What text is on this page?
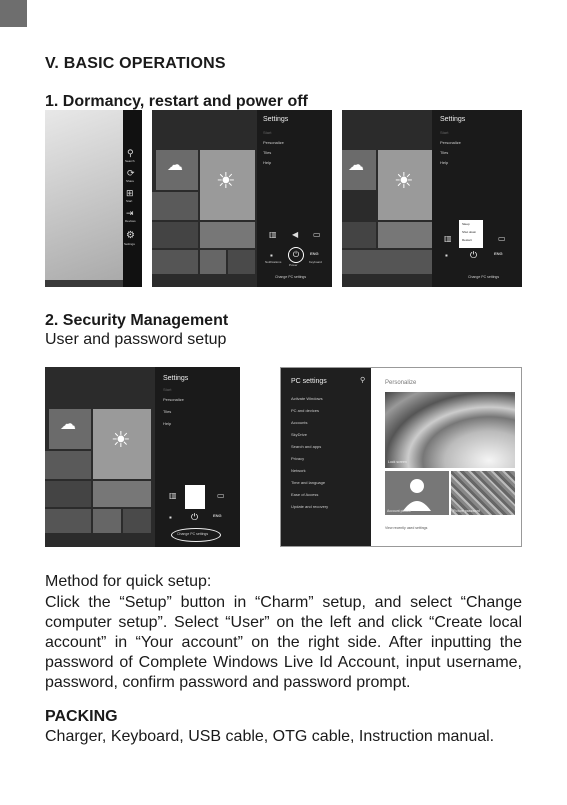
V. BASIC OPERATIONS
1. Dormancy, restart and power off
⚲
Search
⟳
Share
⊞
Start
⇥
Devices
⚙
Settings
☁
☀
Settings
Start
Personalize
Tiles
Help
▥ ◀ ▭
▪	⏻	ENG
Notifications
Power
Keyboard
Change PC settings
☁
☀
Settings
Start
Personalize
Tiles
Help
Sleep
Shut down
Restart
▥	▭
▪ ⏻	ENG
Change PC settings
2. Security Management
User and password setup
☁
☀
Settings
Start
Personalize
Tiles
Help
▥	▭
▪ ⏻	ENG
Change PC settings
PC settings	⚲
Activate Windows
PC and devices
Accounts
SkyDrive
Search and apps
Privacy
Network
Time and language
Ease of Access
Update and recovery
Personalize
Lock screen
Account picture	Picture password
View recently used settings
Method for quick setup:
Click the “Setup” button in “Charm” setup, and select “Change computer setup”. Select “User” on the left and click “Create local account” in “Your account” on the right side. After inputting the password of Complete Windows Live Id Account, input username, password, confirm password and password prompt.
PACKING
Charger, Keyboard, USB cable, OTG cable, Instruction manual.
